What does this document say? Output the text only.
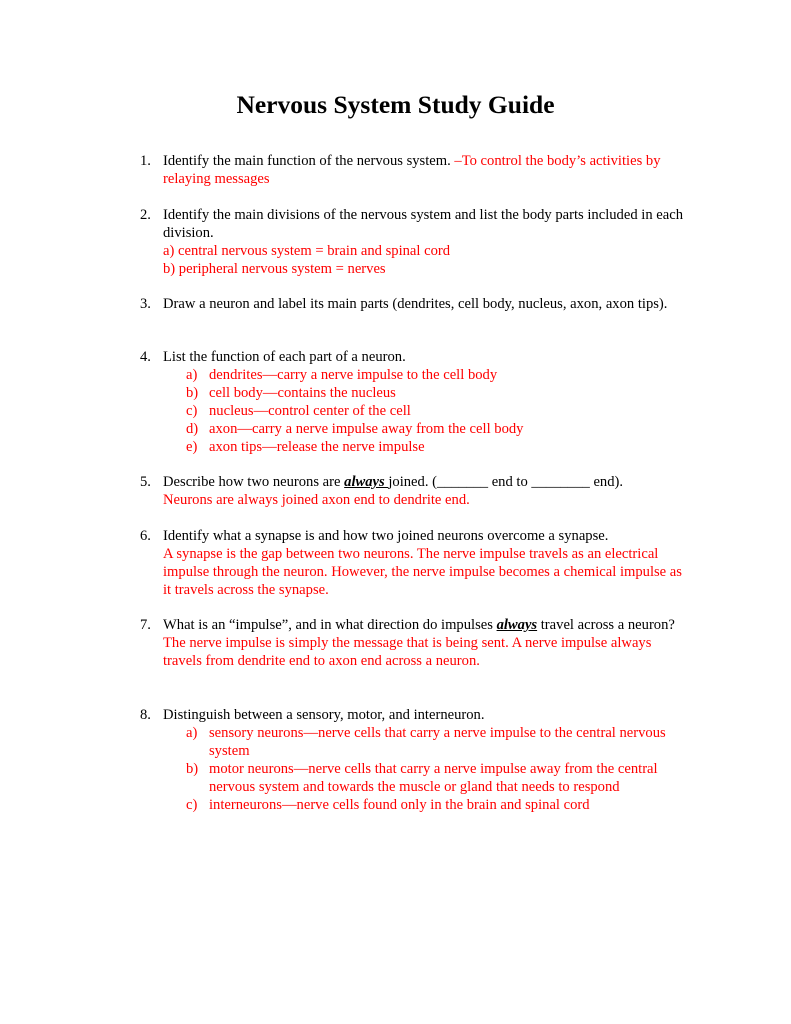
Nervous System Study Guide
1. Identify the main function of the nervous system. –To control the body’s activities by relaying messages
2. Identify the main divisions of the nervous system and list the body parts included in each division.
a) central nervous system = brain and spinal cord
b) peripheral nervous system = nerves
3. Draw a neuron and label its main parts (dendrites, cell body, nucleus, axon, axon tips).
4. List the function of each part of a neuron.
a) dendrites—carry a nerve impulse to the cell body
b) cell body—contains the nucleus
c) nucleus—control center of the cell
d) axon—carry a nerve impulse away from the cell body
e) axon tips—release the nerve impulse
5. Describe how two neurons are always joined. (_______ end to ________ end).
Neurons are always joined axon end to dendrite end.
6. Identify what a synapse is and how two joined neurons overcome a synapse.
A synapse is the gap between two neurons. The nerve impulse travels as an electrical impulse through the neuron. However, the nerve impulse becomes a chemical impulse as it travels across the synapse.
7. What is an “impulse”, and in what direction do impulses always travel across a neuron?
The nerve impulse is simply the message that is being sent. A nerve impulse always travels from dendrite end to axon end across a neuron.
8. Distinguish between a sensory, motor, and interneuron.
a) sensory neurons—nerve cells that carry a nerve impulse to the central nervous system
b) motor neurons—nerve cells that carry a nerve impulse away from the central nervous system and towards the muscle or gland that needs to respond
c) interneurons—nerve cells found only in the brain and spinal cord
